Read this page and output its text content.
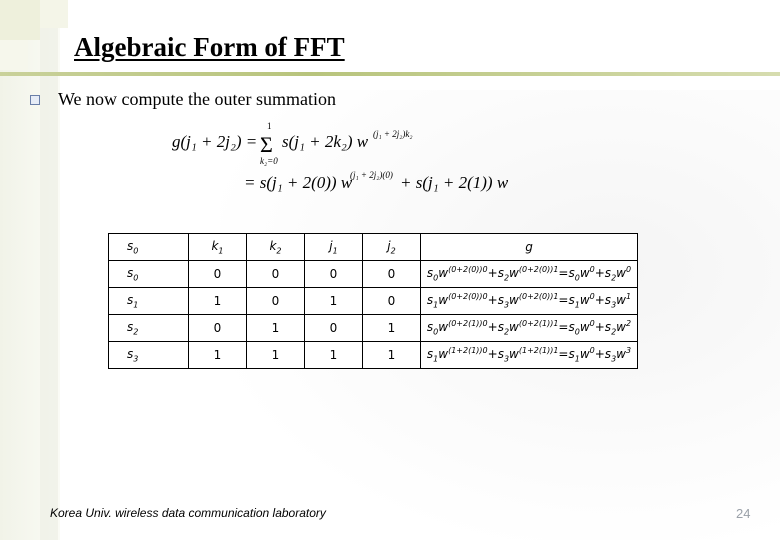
Algebraic Form of FFT
We now compute the outer summation
g(j₁ + 2j₂) =
1
Σ
k₂=0
s(j₁ + 2k₂) w (j₁ + 2j₂)k₂
= s(j₁ + 2(0)) w
(j₁ + 2j₂)(0) + s(j₁ + 2(1)) w
$s_0$	$k_1$	$k_2$	$j_1$	$j_2$	g
$s_0$	0	0	0	0	$s_0w^{(0+2(0))0}+s_2w^{(0+2(0))1}=s_0w^0+s_2w^0$
$s_1$	1	0	1	0	$s_1w^{(0+2(0))0}+s_3w^{(0+2(0))1}=s_1w^0+s_3w^1$
$s_2$	0	1	0	1	$s_0w^{(0+2(1))0}+s_2w^{(0+2(1))1}=s_0w^0+s_2w^2$
$s_3$	1	1	1	1	$s_1w^{(1+2(1))0}+s_3w^{(1+2(1))1}=s_1w^0+s_3w^3$
Korea Univ. wireless data communication laboratory	24
